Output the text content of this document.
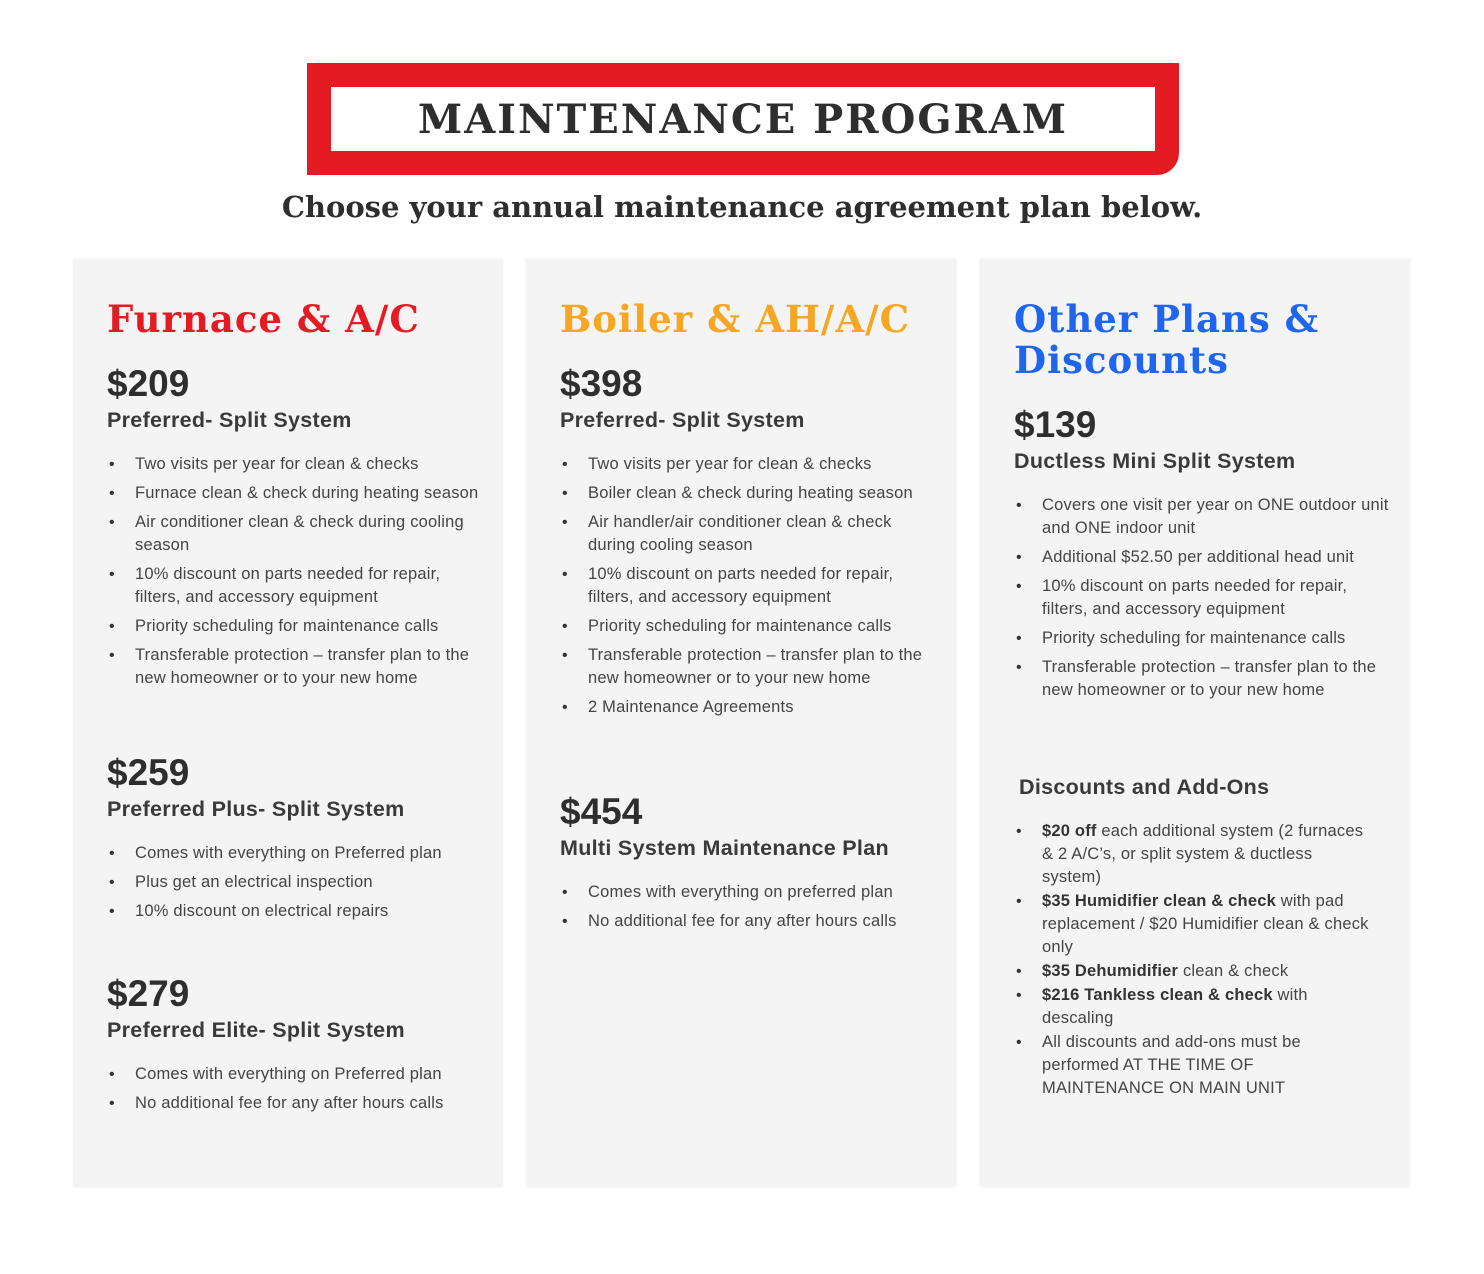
MAINTENANCE PROGRAM
Choose your annual maintenance agreement plan below.
Furnace & A/C
$209
Preferred- Split System
• Two visits per year for clean & checks
• Furnace clean & check during heating season
• Air conditioner clean & check during cooling season
• 10% discount on parts needed for repair, filters, and accessory equipment
• Priority scheduling for maintenance calls
• Transferable protection – transfer plan to the new homeowner or to your new home
$259
Preferred Plus- Split System
• Comes with everything on Preferred plan
• Plus get an electrical inspection
• 10% discount on electrical repairs
$279
Preferred Elite- Split System
• Comes with everything on Preferred plan
• No additional fee for any after hours calls
Boiler & AH/A/C
$398
Preferred- Split System
• Two visits per year for clean & checks
• Boiler clean & check during heating season
• Air handler/air conditioner clean & check during cooling season
• 10% discount on parts needed for repair, filters, and accessory equipment
• Priority scheduling for maintenance calls
• Transferable protection – transfer plan to the new homeowner or to your new home
• 2 Maintenance Agreements
$454
Multi System Maintenance Plan
• Comes with everything on preferred plan
• No additional fee for any after hours calls
Other Plans & Discounts
$139
Ductless Mini Split System
• Covers one visit per year on ONE outdoor unit and ONE indoor unit
• Additional $52.50 per additional head unit
• 10% discount on parts needed for repair, filters, and accessory equipment
• Priority scheduling for maintenance calls
• Transferable protection – transfer plan to the new homeowner or to your new home
Discounts and Add-Ons
• $20 off each additional system (2 furnaces & 2 A/C’s, or split system & ductless system)
• $35 Humidifier clean & check with pad replacement / $20 Humidifier clean & check only
• $35 Dehumidifier clean & check
• $216 Tankless clean & check with descaling
• All discounts and add-ons must be performed AT THE TIME OF MAINTENANCE ON MAIN UNIT
